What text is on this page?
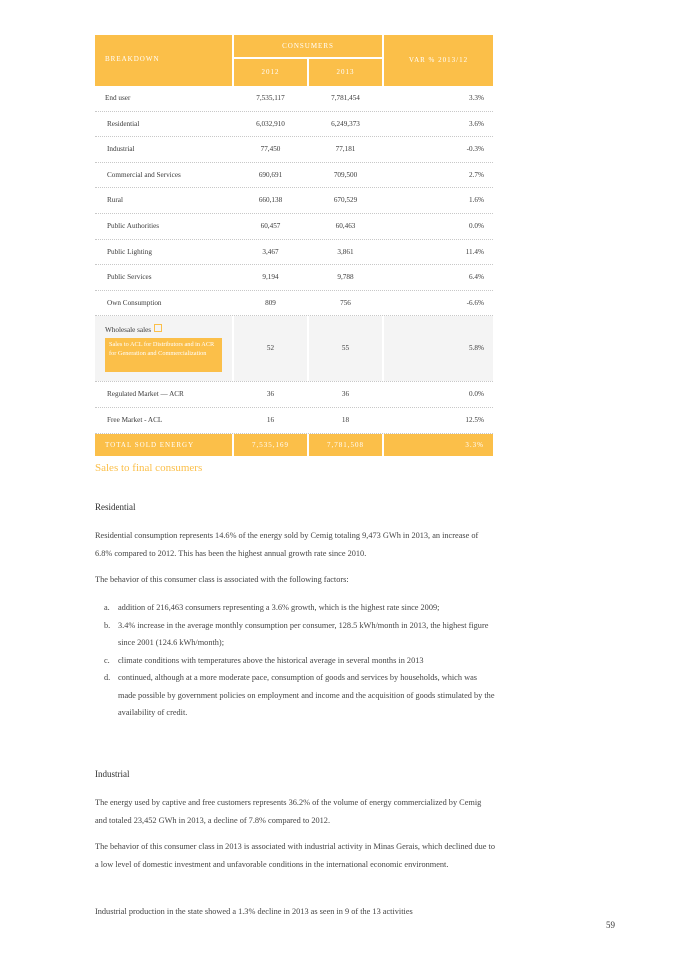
BREAKDOWN
CONSUMERS
2012	2013
VAR % 2013/12
End user	7,535,117	7,781,454	3.3%
Residential	6,032,910	6,249,373	3.6%
Industrial	77,450	77,181	-0.3%
Commercial and Services	690,691	709,500	2.7%
Rural	660,138	670,529	1.6%
Public Authorities	60,457	60,463	0.0%
Public Lighting	3,467	3,861	11.4%
Public Services	9,194	9,788	6.4%
Own Consumption	809	756	-6.6%
Wholesale sales
Sales to ACL for Distributors and in ACR for Generation and Commercialization
52	55	5.8%
Regulated Market — ACR	36	36	0.0%
Free Market - ACL	16	18	12.5%
TOTAL SOLD ENERGY	7,535,169	7,781,508	3.3%
Sales to final consumers
Residential
Residential consumption represents 14.6% of the energy sold by Cemig totaling 9,473 GWh in 2013, an increase of 6.8% compared to 2012. This has been the highest annual growth rate since 2010.
The behavior of this consumer class is associated with the following factors:
a. addition of 216,463 consumers representing a 3.6% growth, which is the highest rate since 2009;
b. 3.4% increase in the average monthly consumption per consumer, 128.5 kWh/month in 2013, the highest figure since 2001 (124.6 kWh/month);
c. climate conditions with temperatures above the historical average in several months in 2013
d. continued, although at a more moderate pace, consumption of goods and services by households, which was made possible by government policies on employment and income and the acquisition of goods stimulated by the availability of credit.
Industrial
The energy used by captive and free customers represents 36.2% of the volume of energy commercialized by Cemig and totaled 23,452 GWh in 2013, a decline of 7.8% compared to 2012.
The behavior of this consumer class in 2013 is associated with industrial activity in Minas Gerais, which declined due to a low level of domestic investment and unfavorable conditions in the international economic environment.
Industrial production in the state showed a 1.3% decline in 2013 as seen in 9 of the 13 activities
59
